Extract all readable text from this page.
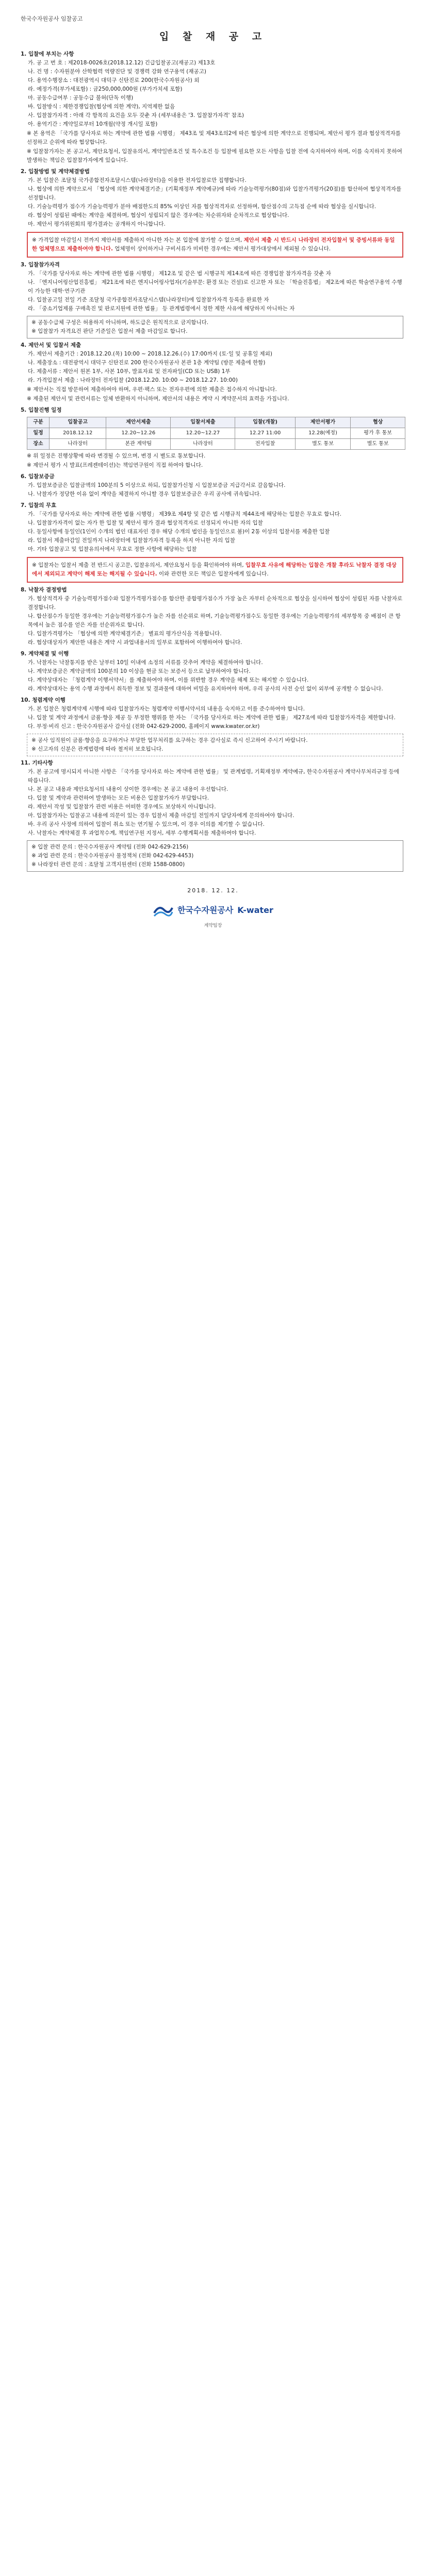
한국수자원공사 임찰공고
입 찰 재 공 고
1. 입찰에 부치는 사항
가. 공 고 번 호 : 제2018-0026호(2018.12.12) 긴급입찰공고(재공고) 제13호
나. 건 명 : 수자원분야 산학협력 역량진단 및 경쟁력 강화 연구용역 (재공고)
다. 용역수행장소 : 대전광역시 대덕구 신탄진로 200(한국수자원공사) 외
라. 예정가격(부가세포함) : 금250,000,000원 (부가가치세 포함)
마. 공동수급여부 : 공동수급 불허(단독 이행)
바. 입찰방식 : 제한경쟁입찰(협상에 의한 계약), 지역제한 없음
사. 입찰참가자격 : 아래 각 항목의 요건을 모두 갖춘 자 (세부내용은 '3. 입찰참가자격' 참조)
아. 용역기간 : 계약일로부터 10개월(약정 개시일 포함)
※ 본 용역은 「국가를 당사자로 하는 계약에 관한 법률 시행령」 제43조 및 제43조의2에 따른 협상에 의한 계약으로 진행되며, 제안서 평가 결과 협상적격자를 선정하고 순위에 따라 협상합니다.
※ 입찰참가자는 본 공고서, 제안요청서, 입찰유의서, 계약일반조건 및 특수조건 등 입찰에 필요한 모든 사항을 입찰 전에 숙지하여야 하며, 이를 숙지하지 못하여 발생하는 책임은 입찰참가자에게 있습니다.
2. 입찰방법 및 계약체결방법
가. 본 입찰은 조달청 국가종합전자조달시스템(나라장터)을 이용한 전자입찰로만 집행합니다.
나. 협상에 의한 계약으로서 「협상에 의한 계약체결기준」(기획재정부 계약예규)에 따라 기술능력평가(80점)와 입찰가격평가(20점)를 합산하여 협상적격자를 선정합니다.
다. 기술능력평가 점수가 기술능력평가 분야 배점한도의 85% 이상인 자를 협상적격자로 선정하며, 합산점수의 고득점 순에 따라 협상을 실시합니다.
라. 협상이 성립된 때에는 계약을 체결하며, 협상이 성립되지 않은 경우에는 차순위자와 순차적으로 협상합니다.
마. 제안서 평가위원회의 평가결과는 공개하지 아니합니다.
※ 가격입찰 마감일시 전까지 제안서를 제출하지 아니한 자는 본 입찰에 참가할 수 없으며, 제안서 제출 시 반드시 나라장터 전자입찰서 및 증빙서류와 동일한 업체명으로 제출하여야 합니다. 업체명이 상이하거나 구비서류가 미비한 경우에는 제안서 평가대상에서 제외될 수 있습니다.
3. 입찰참가자격
가. 「국가를 당사자로 하는 계약에 관한 법률 시행령」 제12조 및 같은 법 시행규칙 제14조에 따른 경쟁입찰 참가자격을 갖춘 자
나. 「엔지니어링산업진흥법」 제21조에 따른 엔지니어링사업자(기술부문: 환경 또는 건설)로 신고한 자 또는 「학술진흥법」 제2조에 따른 학술연구용역 수행이 가능한 대학·연구기관
다. 입찰공고일 전일 기준 조달청 국가종합전자조달시스템(나라장터)에 입찰참가자격 등록을 완료한 자
라. 「중소기업제품 구매촉진 및 판로지원에 관한 법률」 등 관계법령에서 정한 제한 사유에 해당하지 아니하는 자
※ 공동수급체 구성은 허용하지 아니하며, 하도급은 원칙적으로 금지합니다.
※ 입찰참가 자격요건 판단 기준일은 입찰서 제출 마감일로 합니다.
4. 제안서 및 입찰서 제출
가. 제안서 제출기간 : 2018.12.20.(목) 10:00 ~ 2018.12.26.(수) 17:00까지 (토·일 및 공휴일 제외)
나. 제출장소 : 대전광역시 대덕구 신탄진로 200 한국수자원공사 본관 1층 계약팀 (방문 제출에 한함)
다. 제출서류 : 제안서 원본 1부, 사본 10부, 발표자료 및 전자파일(CD 또는 USB) 1부
라. 가격입찰서 제출 : 나라장터 전자입찰 (2018.12.20. 10:00 ~ 2018.12.27. 10:00)
※ 제안서는 직접 방문하여 제출하여야 하며, 우편·팩스 또는 전자우편에 의한 제출은 접수하지 아니합니다.
※ 제출된 제안서 및 관련서류는 일체 반환하지 아니하며, 제안서의 내용은 계약 시 계약문서의 효력을 가집니다.
5. 입찰진행 일정
구분	입찰공고	제안서제출	입찰서제출	입찰(개찰)	제안서평가	협상
일정	2018.12.12	12.20~12.26	12.20~12.27	12.27 11:00	12.28(예정)	평가 후 통보
장소	나라장터	본관 계약팀	나라장터	전자입찰	별도 통보	별도 통보
※ 위 일정은 진행상황에 따라 변경될 수 있으며, 변경 시 별도로 통보합니다.
※ 제안서 평가 시 발표(프레젠테이션)는 책임연구원이 직접 하여야 합니다.
6. 입찰보증금
가. 입찰보증금은 입찰금액의 100분의 5 이상으로 하되, 입찰참가신청 시 입찰보증금 지급각서로 갈음합니다.
나. 낙찰자가 정당한 이유 없이 계약을 체결하지 아니할 경우 입찰보증금은 우리 공사에 귀속됩니다.
7. 입찰의 무효
가. 「국가를 당사자로 하는 계약에 관한 법률 시행령」 제39조 제4항 및 같은 법 시행규칙 제44조에 해당하는 입찰은 무효로 합니다.
나. 입찰참가자격이 없는 자가 한 입찰 및 제안서 평가 결과 협상적격자로 선정되지 아니한 자의 입찰
다. 동일사항에 동일인(1인이 수개의 법인 대표자인 경우 해당 수개의 법인을 동일인으로 봄)이 2통 이상의 입찰서를 제출한 입찰
라. 입찰서 제출마감일 전일까지 나라장터에 입찰참가자격 등록을 하지 아니한 자의 입찰
마. 기타 입찰공고 및 입찰유의서에서 무효로 정한 사항에 해당하는 입찰
※ 입찰자는 입찰서 제출 전 반드시 공고문, 입찰유의서, 제안요청서 등을 확인하여야 하며, 입찰무효 사유에 해당하는 입찰은 개찰 후라도 낙찰자 결정 대상에서 제외되고 계약이 해제 또는 해지될 수 있습니다. 이와 관련한 모든 책임은 입찰자에게 있습니다.
8. 낙찰자 결정방법
가. 협상적격자 중 기술능력평가점수와 입찰가격평가점수를 합산한 종합평가점수가 가장 높은 자부터 순차적으로 협상을 실시하여 협상이 성립된 자를 낙찰자로 결정합니다.
나. 합산점수가 동일한 경우에는 기술능력평가점수가 높은 자를 선순위로 하며, 기술능력평가점수도 동일한 경우에는 기술능력평가의 세부항목 중 배점이 큰 항목에서 높은 점수를 얻은 자를 선순위자로 합니다.
다. 입찰가격평가는 「협상에 의한 계약체결기준」 별표의 평가산식을 적용합니다.
라. 협상대상자가 제안한 내용은 계약 시 과업내용서의 일부로 포함하여 이행하여야 합니다.
9. 계약체결 및 이행
가. 낙찰자는 낙찰통지를 받은 날부터 10일 이내에 소정의 서류를 갖추어 계약을 체결하여야 합니다.
나. 계약보증금은 계약금액의 100분의 10 이상을 현금 또는 보증서 등으로 납부하여야 합니다.
다. 계약상대자는 「청렴계약 이행서약서」를 제출하여야 하며, 이를 위반할 경우 계약을 해제 또는 해지할 수 있습니다.
라. 계약상대자는 용역 수행 과정에서 취득한 정보 및 결과물에 대하여 비밀을 유지하여야 하며, 우리 공사의 사전 승인 없이 외부에 공개할 수 없습니다.
10. 청렴계약 이행
가. 본 입찰은 청렴계약제 시행에 따라 입찰참가자는 청렴계약 이행서약서의 내용을 숙지하고 이를 준수하여야 합니다.
나. 입찰 및 계약 과정에서 금품·향응 제공 등 부정한 행위를 한 자는 「국가를 당사자로 하는 계약에 관한 법률」 제27조에 따라 입찰참가자격을 제한합니다.
다. 부정·비리 신고 : 한국수자원공사 감사실 (전화 042-629-2000, 홈페이지 www.kwater.or.kr)
※ 공사 임직원이 금품·향응을 요구하거나 부당한 업무처리를 요구하는 경우 감사실로 즉시 신고하여 주시기 바랍니다.
※ 신고자의 신분은 관계법령에 따라 철저히 보호됩니다.
11. 기타사항
가. 본 공고에 명시되지 아니한 사항은 「국가를 당사자로 하는 계약에 관한 법률」 및 관계법령, 기획재정부 계약예규, 한국수자원공사 계약사무처리규정 등에 따릅니다.
나. 본 공고 내용과 제안요청서의 내용이 상이한 경우에는 본 공고 내용이 우선합니다.
다. 입찰 및 계약과 관련하여 발생하는 모든 비용은 입찰참가자가 부담합니다.
라. 제안서 작성 및 입찰참가 관련 비용은 어떠한 경우에도 보상하지 아니합니다.
마. 입찰참가자는 입찰공고 내용에 의문이 있는 경우 입찰서 제출 마감일 전일까지 담당자에게 문의하여야 합니다.
바. 우리 공사 사정에 의하여 입찰이 취소 또는 연기될 수 있으며, 이 경우 이의를 제기할 수 없습니다.
사. 낙찰자는 계약체결 후 과업착수계, 책임연구원 지정서, 세부 수행계획서를 제출하여야 합니다.
※ 입찰 관련 문의 : 한국수자원공사 계약팀 (전화 042-629-2156)
※ 과업 관련 문의 : 한국수자원공사 물정책처 (전화 042-629-4453)
※ 나라장터 관련 문의 : 조달청 고객지원센터 (전화 1588-0800)
2018. 12. 12.
한국수자원공사 K-water
계약팀장
